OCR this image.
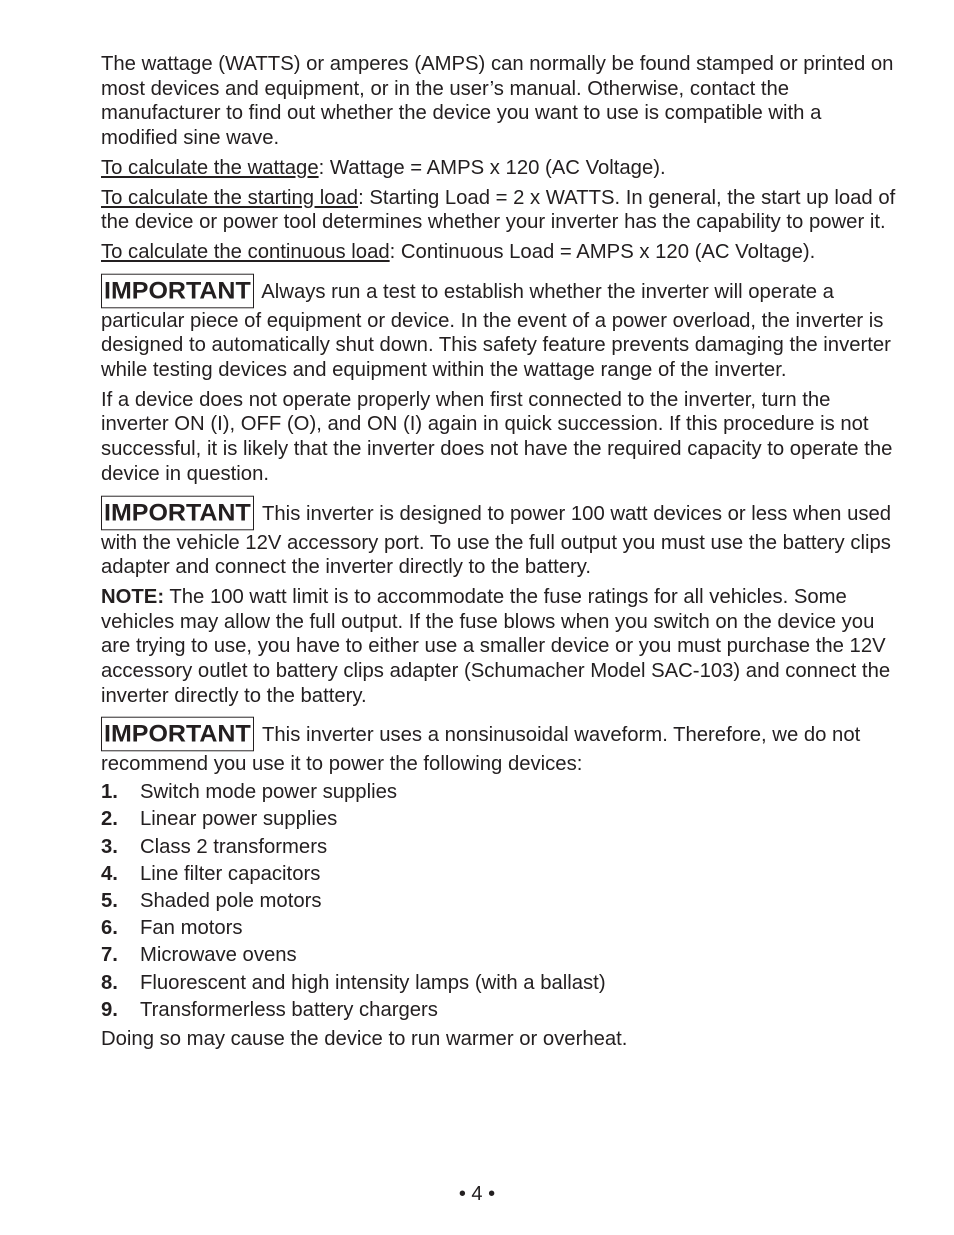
The wattage (WATTS) or amperes (AMPS) can normally be found stamped or printed on most devices and equipment, or in the user’s manual. Otherwise, contact the manufacturer to find out whether the device you want to use is compatible with a modified sine wave.

To calculate the wattage: Wattage = AMPS x 120 (AC Voltage).

To calculate the starting load: Starting Load = 2 x WATTS. In general, the start up load of the device or power tool determines whether your inverter has the capability to power it.

To calculate the continuous load: Continuous Load = AMPS x 120 (AC Voltage).

IMPORTANT Always run a test to establish whether the inverter will operate a particular piece of equipment or device. In the event of a power overload, the inverter is designed to automatically shut down. This safety feature prevents damaging the inverter while testing devices and equipment within the wattage range of the inverter.

If a device does not operate properly when first connected to the inverter, turn the inverter ON (I), OFF (O), and ON (I) again in quick succession. If this procedure is not successful, it is likely that the inverter does not have the required capacity to operate the device in question.

IMPORTANT This inverter is designed to power 100 watt devices or less when used with the vehicle 12V accessory port. To use the full output you must use the battery clips adapter and connect the inverter directly to the battery.

NOTE: The 100 watt limit is to accommodate the fuse ratings for all vehicles. Some vehicles may allow the full output. If the fuse blows when you switch on the device you are trying to use, you have to either use a smaller device or you must purchase the 12V accessory outlet to battery clips adapter (Schumacher Model SAC-103) and connect the inverter directly to the battery.

IMPORTANT This inverter uses a nonsinusoidal waveform. Therefore, we do not recommend you use it to power the following devices:

1.	Switch mode power supplies
2.	Linear power supplies
3.	Class 2 transformers
4.	Line filter capacitors
5.	Shaded pole motors
6.	Fan motors
7.	Microwave ovens
8.	Fluorescent and high intensity lamps (with a ballast)
9.	Transformerless battery chargers

Doing so may cause the device to run warmer or overheat.

• 4 •
